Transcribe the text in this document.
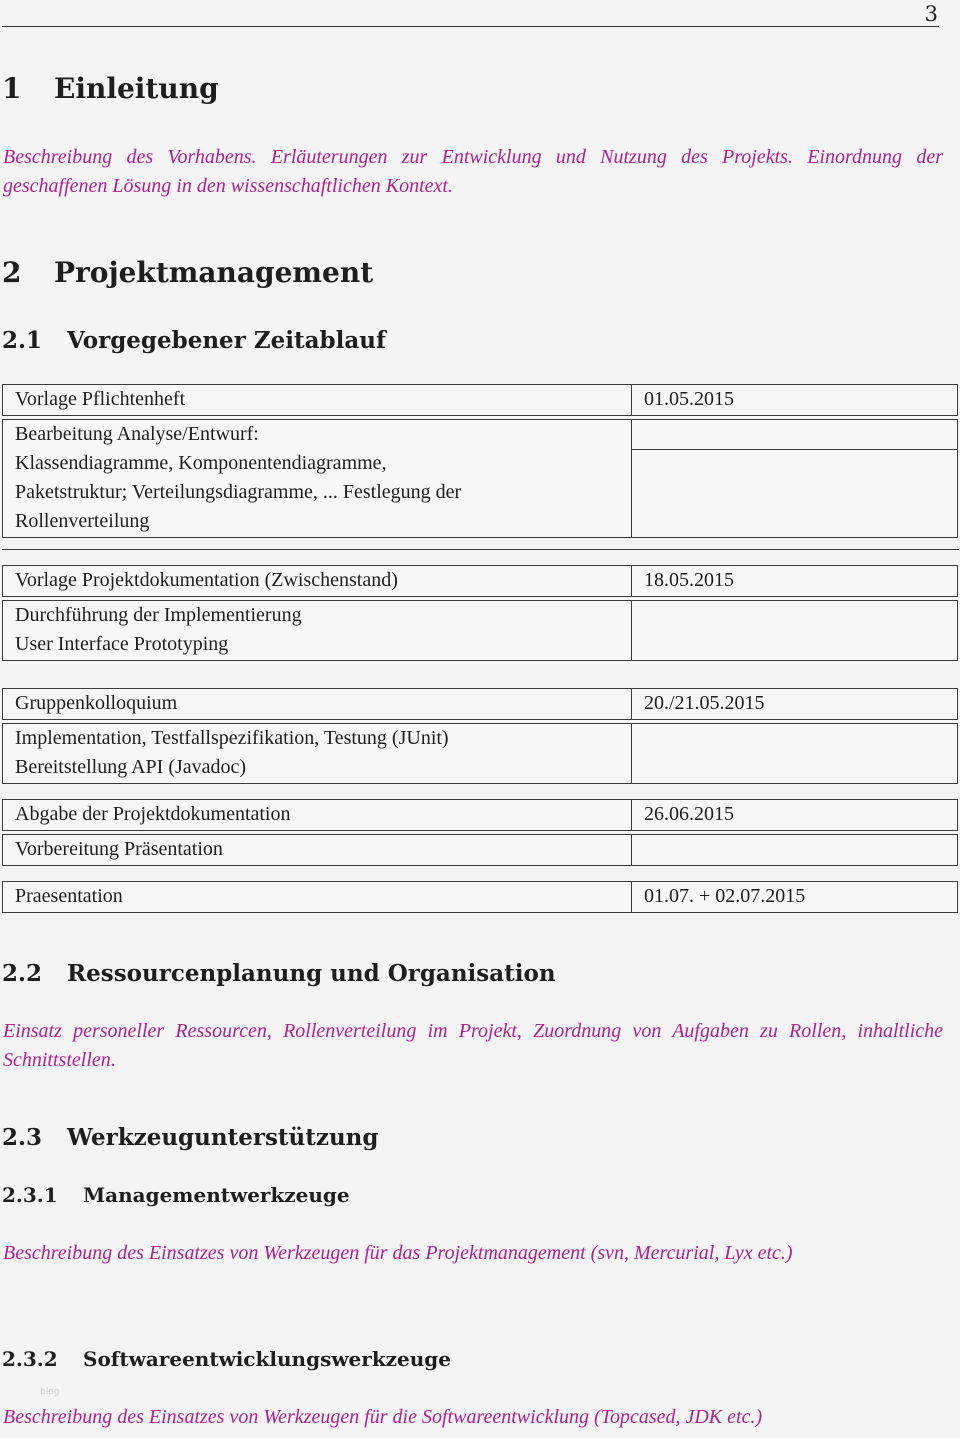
3
1 Einleitung
Beschreibung des Vorhabens. Erläuterungen zur Entwicklung und Nutzung des Projekts. Einordnung der geschaffenen Lösung in den wissenschaftlichen Kontext.
2 Projektmanagement
2.1 Vorgegebener Zeitablauf
Vorlage Pflichtenheft	01.05.2015
Bearbeitung Analyse/Entwurf:
Klassendiagramme, Komponentendiagramme,
Paketstruktur; Verteilungsdiagramme, ... Festlegung der
Rollenverteilung
Vorlage Projektdokumentation (Zwischenstand)	18.05.2015
Durchführung der Implementierung
User Interface Prototyping
Gruppenkolloquium	20./21.05.2015
Implementation, Testfallspezifikation, Testung (JUnit)
Bereitstellung API (Javadoc)
Abgabe der Projektdokumentation	26.06.2015
Vorbereitung Präsentation
Praesentation	01.07. + 02.07.2015
2.2 Ressourcenplanung und Organisation
Einsatz personeller Ressourcen, Rollenverteilung im Projekt, Zuordnung von Aufgaben zu Rollen, inhaltliche Schnittstellen.
2.3 Werkzeugunterstützung
2.3.1 Managementwerkzeuge
Beschreibung des Einsatzes von Werkzeugen für das Projektmanagement (svn, Mercurial, Lyx etc.)
2.3.2 Softwareentwicklungswerkzeuge
blog
Beschreibung des Einsatzes von Werkzeugen für die Softwareentwicklung (Topcased, JDK etc.)
